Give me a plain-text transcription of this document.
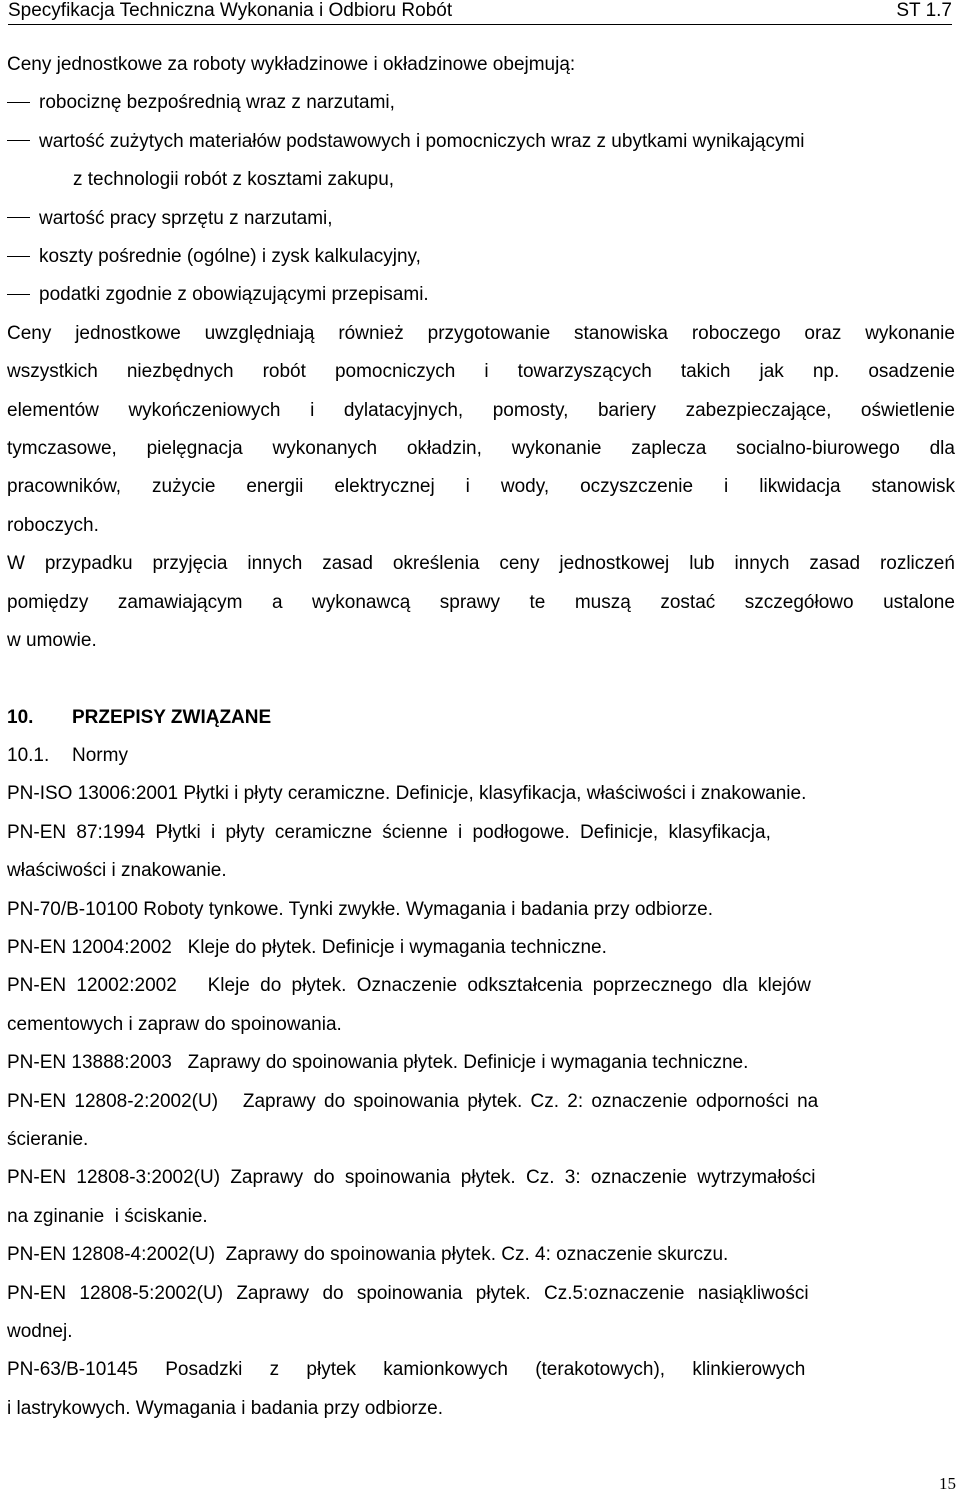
Specyfikacja Techniczna Wykonania i Odbioru Robót	ST 1.7
Ceny jednostkowe za roboty wykładzinowe i okładzinowe obejmują:
robociznę bezpośrednią wraz z narzutami,
wartość zużytych materiałów podstawowych i pomocniczych wraz z ubytkami wynikającymi
z technologii robót z kosztami zakupu,
wartość pracy sprzętu z narzutami,
koszty pośrednie (ogólne) i zysk kalkulacyjny,
podatki zgodnie z obowiązującymi przepisami.
Ceny jednostkowe uwzględniają również przygotowanie stanowiska roboczego oraz wykonanie
wszystkich niezbędnych robót pomocniczych i towarzyszących takich jak np. osadzenie
elementów wykończeniowych i dylatacyjnych, pomosty, bariery zabezpieczające, oświetlenie
tymczasowe, pielęgnacja wykonanych okładzin, wykonanie zaplecza socialno-biurowego dla
pracowników, zużycie energii elektrycznej i wody, oczyszczenie i likwidacja stanowisk
roboczych.
W przypadku przyjęcia innych zasad określenia ceny jednostkowej lub innych zasad rozliczeń
pomiędzy zamawiającym a wykonawcą sprawy te muszą zostać szczegółowo ustalone
w umowie.
10. PRZEPISY ZWIĄZANE
10.1. Normy
PN-ISO 13006:2001 Płytki i płyty ceramiczne. Definicje, klasyfikacja, właściwości i znakowanie.
PN-EN 87:1994 Płytki i płyty ceramiczne ścienne i podłogowe. Definicje, klasyfikacja,
właściwości i znakowanie.
PN-70/B-10100 Roboty tynkowe. Tynki zwykłe. Wymagania i badania przy odbiorze.
PN-EN 12004:2002   Kleje do płytek. Definicje i wymagania techniczne.
PN-EN 12002:2002   Kleje do płytek. Oznaczenie odkształcenia poprzecznego dla klejów
cementowych i zapraw do spoinowania.
PN-EN 13888:2003   Zaprawy do spoinowania płytek. Definicje i wymagania techniczne.
PN-EN 12808-2:2002(U)   Zaprawy do spoinowania płytek. Cz. 2: oznaczenie odporności na
ścieranie.
PN-EN 12808-3:2002(U) Zaprawy do spoinowania płytek. Cz. 3: oznaczenie wytrzymałości
na zginanie  i ściskanie.
PN-EN 12808-4:2002(U)  Zaprawy do spoinowania płytek. Cz. 4: oznaczenie skurczu.
PN-EN 12808-5:2002(U) Zaprawy do spoinowania płytek. Cz.5:oznaczenie nasiąkliwości
wodnej.
PN-63/B-10145 Posadzki z płytek kamionkowych (terakotowych), klinkierowych
i lastrykowych. Wymagania i badania przy odbiorze.
15
